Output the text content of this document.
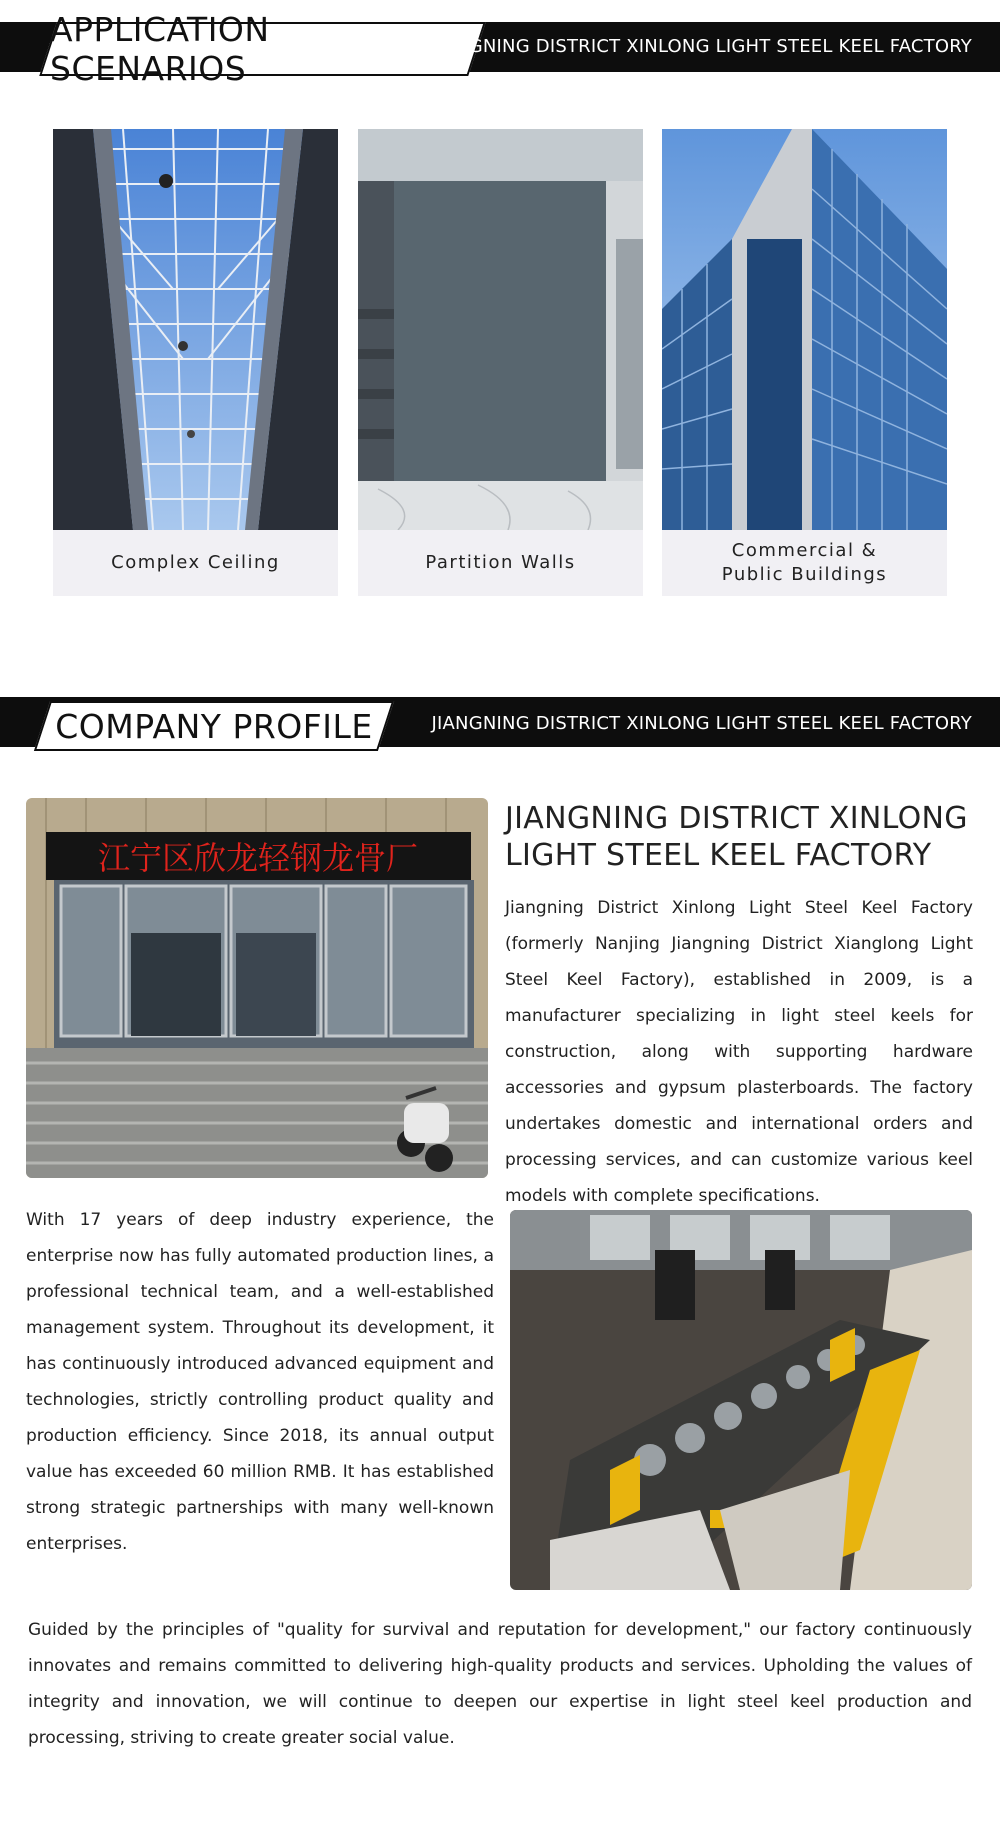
APPLICATION SCENARIOS
JIANGNING DISTRICT XINLONG LIGHT STEEL KEEL FACTORY
Complex Ceiling	Partition Walls
Commercial &
Public Buildings
COMPANY PROFILE	JIANGNING DISTRICT XINLONG LIGHT STEEL KEEL FACTORY
江宁区欣龙轻钢龙骨厂
JIANGNING DISTRICT XINLONG LIGHT STEEL KEEL FACTORY

Jiangning District Xinlong Light Steel Keel Factory (formerly Nanjing Jiangning District Xianglong Light Steel Keel Factory), established in 2009, is a manufacturer specializing in light steel keels for construction, along with supporting hardware accessories and gypsum plasterboards. The factory undertakes domestic and international orders and processing services, and can customize various keel models with complete specifications.

With 17 years of deep industry experience, the enterprise now has fully automated production lines, a professional technical team, and a well-established management system. Throughout its development, it has continuously introduced advanced equipment and technologies, strictly controlling product quality and production efficiency. Since 2018, its annual output value has exceeded 60 million RMB. It has established strong strategic partnerships with many well-known enterprises.

Guided by the principles of "quality for survival and reputation for development," our factory continuously innovates and remains committed to delivering high-quality products and services. Upholding the values of integrity and innovation, we will continue to deepen our expertise in light steel keel production and processing, striving to create greater social value.
